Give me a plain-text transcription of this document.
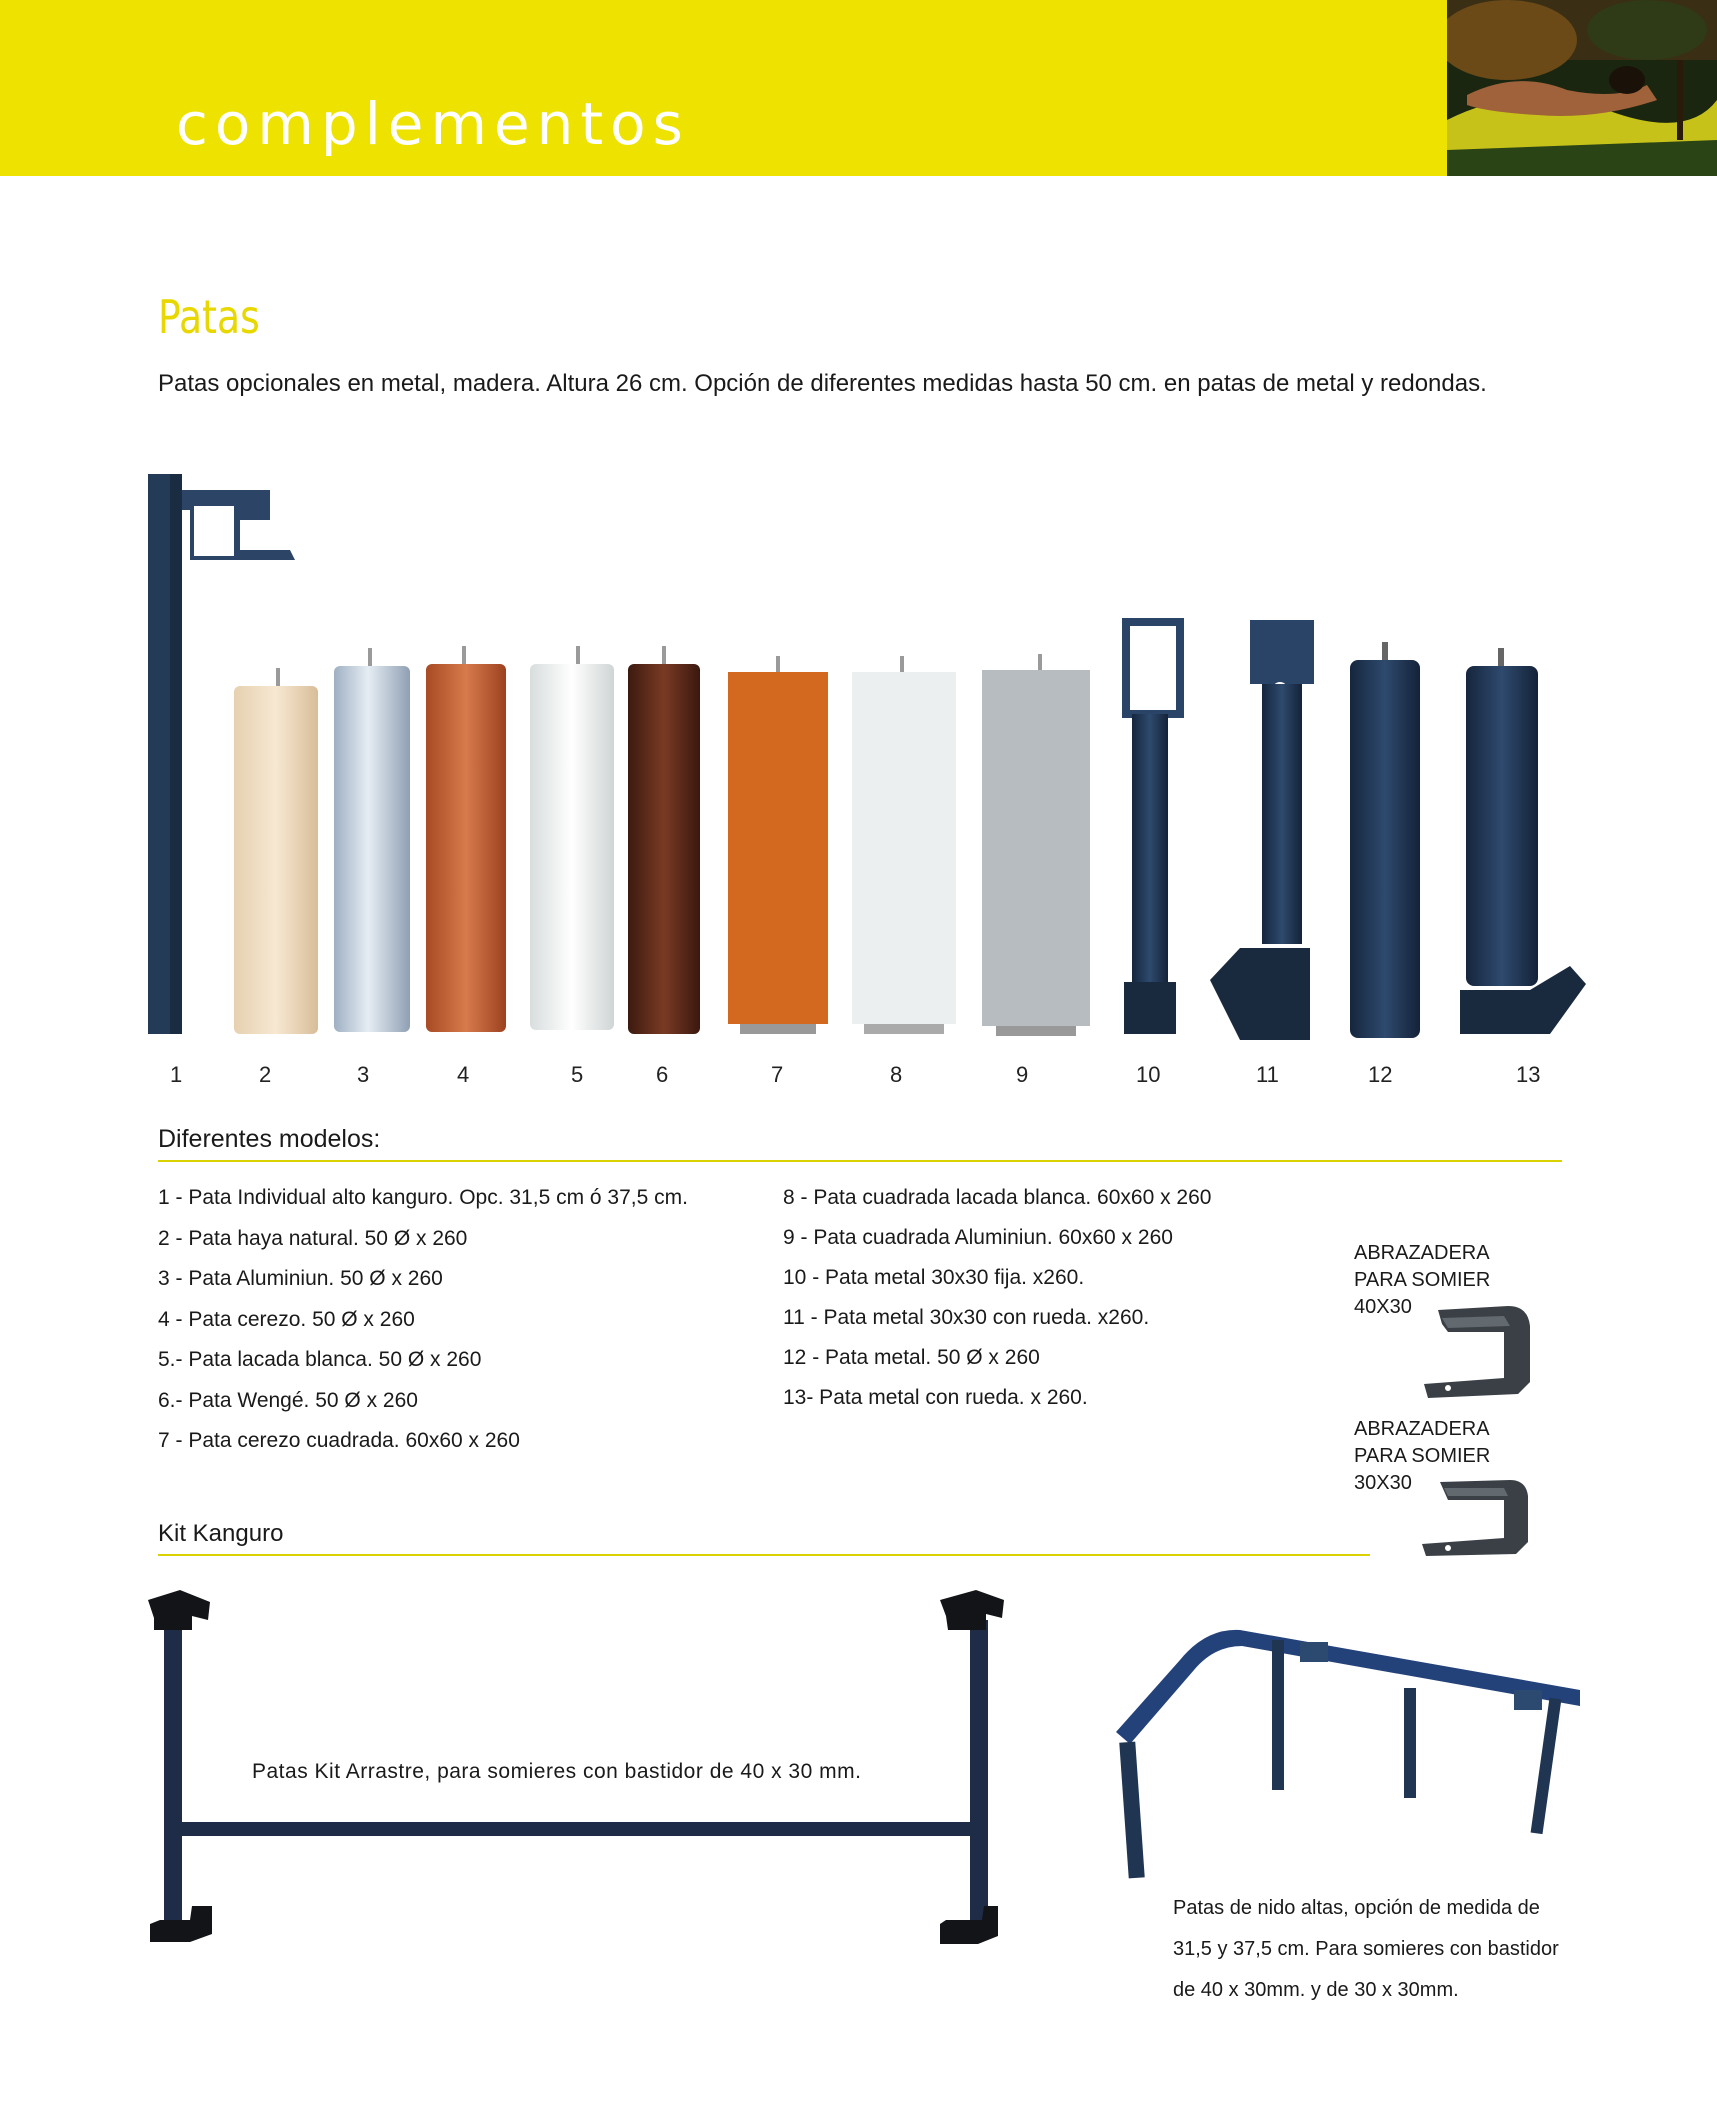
complementos
Patas
Patas opcionales en metal, madera. Altura 26 cm. Opción de diferentes medidas hasta 50 cm. en patas de metal y redondas.
1	2	3	4	5	6	7	8	9	10	11	12	13
Diferentes modelos:
1 - Pata Individual alto kanguro. Opc. 31,5 cm ó 37,5 cm.
2 - Pata haya natural. 50 Ø x 260
3 - Pata Aluminiun. 50 Ø x 260
4 - Pata cerezo. 50 Ø x 260
5.- Pata lacada blanca. 50 Ø x 260
6.- Pata Wengé. 50 Ø x 260
7 - Pata cerezo cuadrada. 60x60 x 260
8 - Pata cuadrada lacada blanca. 60x60 x 260
9 - Pata cuadrada Aluminiun. 60x60 x 260
10 - Pata metal 30x30 fija. x260.
11 - Pata metal 30x30 con rueda. x260.
12 - Pata metal. 50 Ø x 260
13- Pata metal con rueda. x 260.
ABRAZADERA
PARA SOMIER
40X30
ABRAZADERA
PARA SOMIER
30X30
Kit Kanguro
Patas Kit Arrastre, para somieres con bastidor de 40 x 30 mm.
Patas de nido altas, opción de medida de 31,5 y 37,5 cm. Para somieres con bastidor de 40 x 30mm. y de 30 x 30mm.
